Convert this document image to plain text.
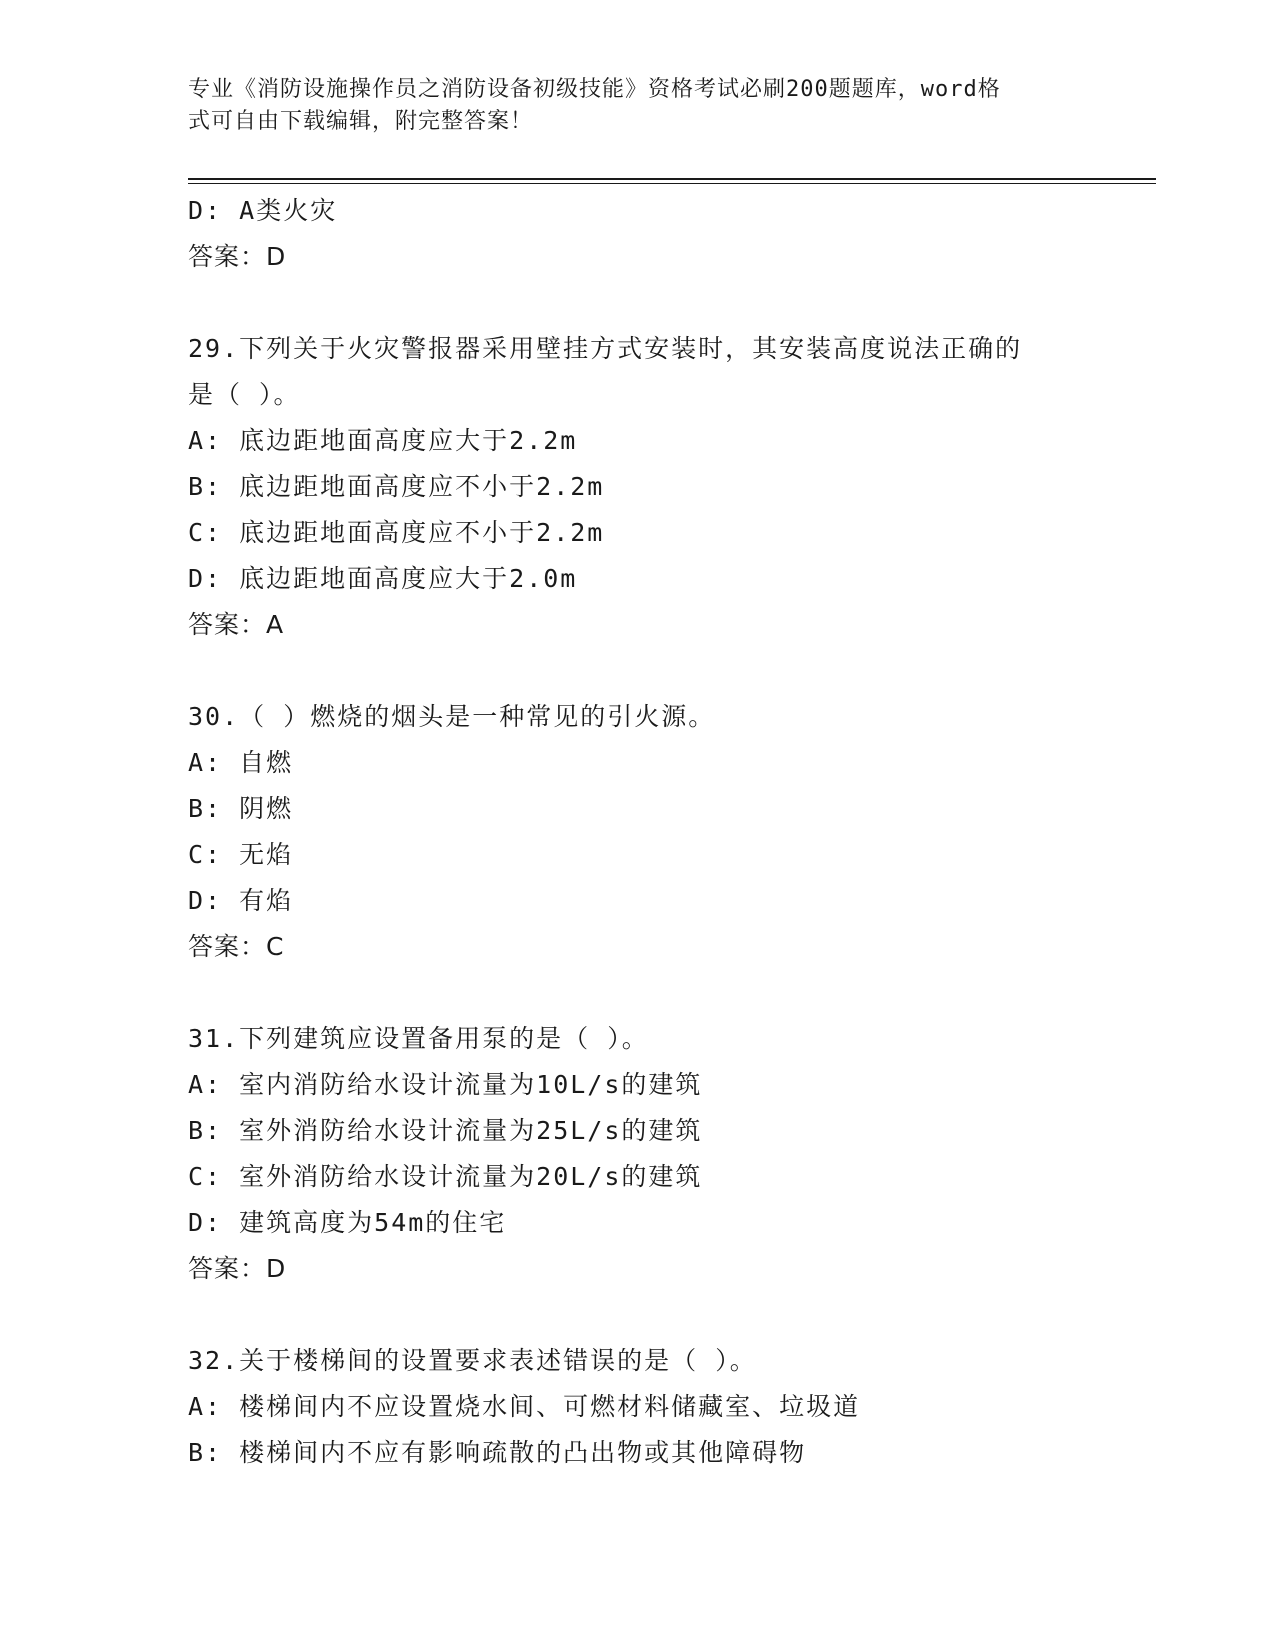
专业《消防设施操作员之消防设备初级技能》资格考试必刷200题题库，word格
式可自由下载编辑，附完整答案！
D: A类火灾
答案：D
29.下列关于火灾警报器采用壁挂方式安装时，其安装高度说法正确的
是（ ）。
A: 底边距地面高度应大于2.2m
B: 底边距地面高度应不小于2.2m
C: 底边距地面高度应不小于2.2m
D: 底边距地面高度应大于2.0m
答案：A
30.（ ）燃烧的烟头是一种常见的引火源。
A: 自燃
B: 阴燃
C: 无焰
D: 有焰
答案：C
31.下列建筑应设置备用泵的是（ ）。
A: 室内消防给水设计流量为10L/s的建筑
B: 室外消防给水设计流量为25L/s的建筑
C: 室外消防给水设计流量为20L/s的建筑
D: 建筑高度为54m的住宅
答案：D
32.关于楼梯间的设置要求表述错误的是（ ）。
A: 楼梯间内不应设置烧水间、可燃材料储藏室、垃圾道
B: 楼梯间内不应有影响疏散的凸出物或其他障碍物
